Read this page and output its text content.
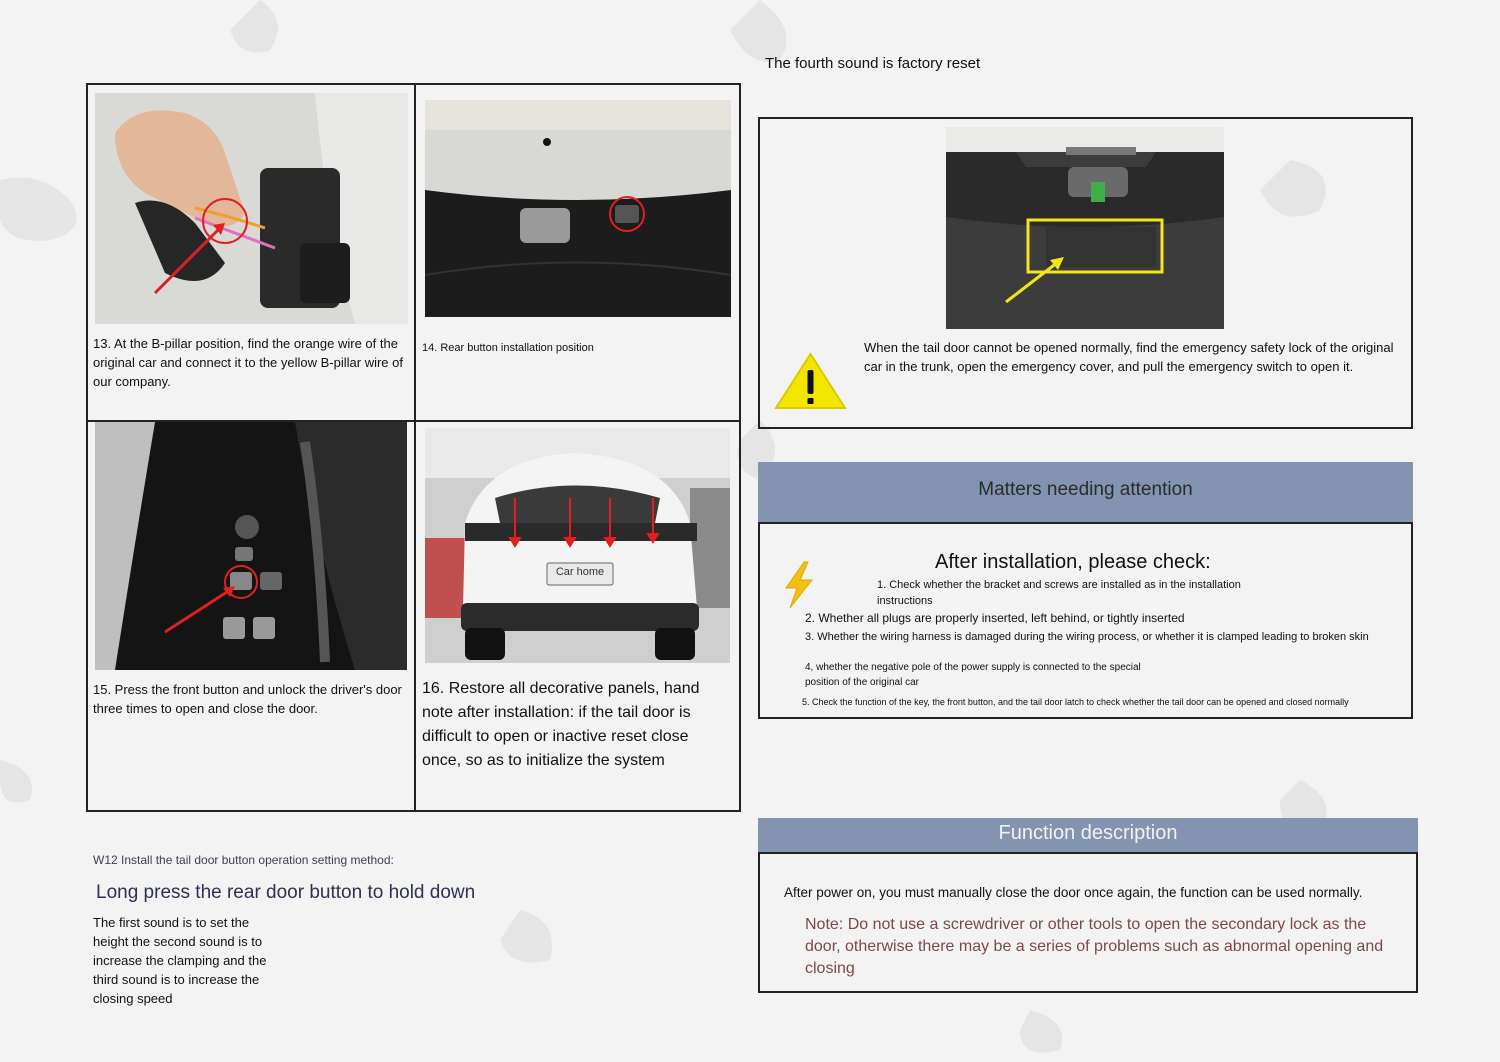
Car home
13. At the B-pillar position, find the orange wire of the original car and connect it to the yellow B-pillar wire of our company.
14. Rear button installation position
15. Press the front button and unlock the driver's door three times to open and close the door.
16. Restore all decorative panels, hand note after installation: if the tail door is difficult to open or inactive reset close once, so as to initialize the system
W12 Install the tail door button operation setting method:
Long press the rear door button to hold down
The first sound is to set the height the second sound is to increase the clamping and the third sound is to increase the closing speed
The fourth sound is factory reset
When the tail door cannot be opened normally, find the emergency safety lock of the original car in the trunk, open the emergency cover, and pull the emergency switch to open it.
Matters needing attention
After installation, please check:
1. Check whether the bracket and screws are installed as in the installation instructions
2. Whether all plugs are properly inserted, left behind, or tightly inserted
3. Whether the wiring harness is damaged during the wiring process, or whether it is clamped leading to broken skin
4, whether the negative pole of the power supply is connected to the special position of the original car
5. Check the function of the key, the front button, and the tail door latch to check whether the tail door can be opened and closed normally
Function description
After power on, you must manually close the door once again, the function can be used normally.
Note: Do not use a screwdriver or other tools to open the secondary lock as the door, otherwise there may be a series of problems such as abnormal opening and closing
